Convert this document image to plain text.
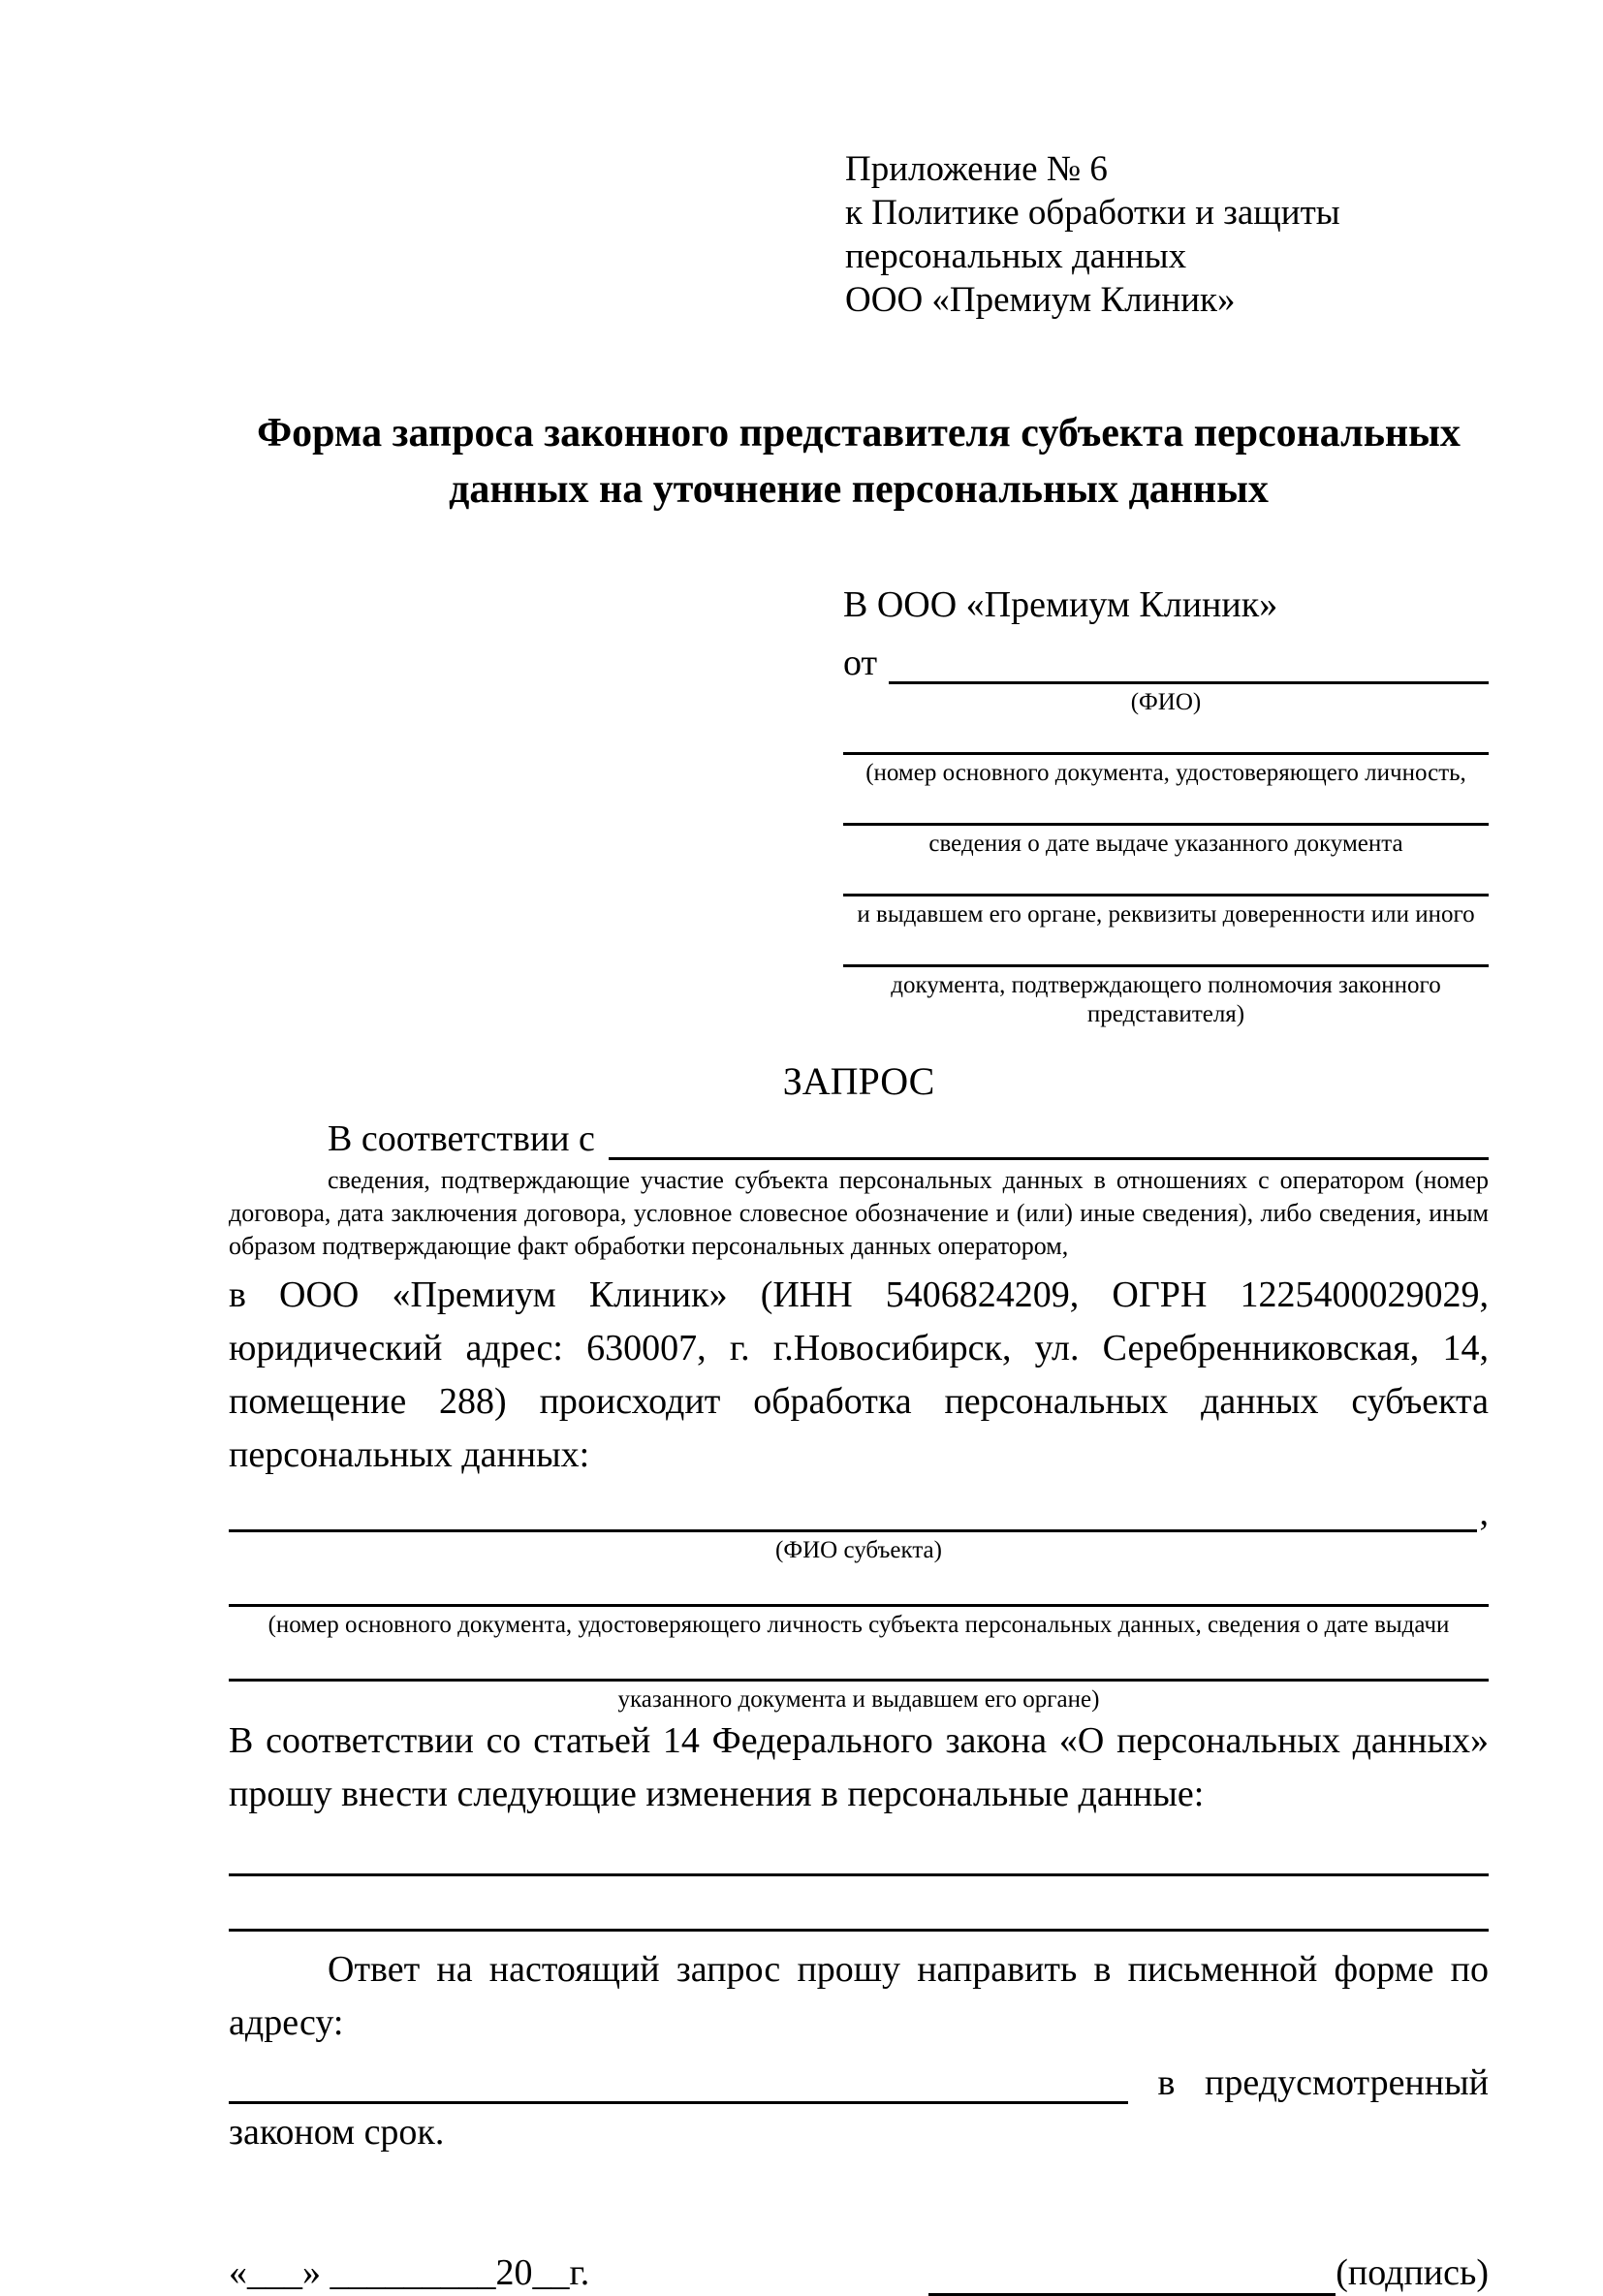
Приложение № 6
к Политике обработки и защиты
персональных данных
ООО «Премиум Клиник»
Форма запроса законного представителя субъекта персональных данных на уточнение персональных данных
В ООО «Премиум Клиник»
от
(ФИО)
(номер основного документа, удостоверяющего личность,
сведения о дате выдаче указанного документа
и выдавшем его органе, реквизиты доверенности или иного
документа, подтверждающего полномочия законного представителя)
ЗАПРОС
В соответствии с

сведения, подтверждающие участие субъекта персональных данных в отношениях с оператором (номер договора, дата заключения договора, условное словесное обозначение и (или) иные сведения), либо сведения, иным образом подтверждающие факт обработки персональных данных оператором,

в ООО «Премиум Клиник» (ИНН 5406824209, ОГРН 1225400029029, юридический адрес: 630007, г. г.Новосибирск, ул. Серебренниковская, 14, помещение 288) происходит обработка персональных данных субъекта персональных данных:

,
(ФИО субъекта)
(номер основного документа, удостоверяющего личность субъекта персональных данных, сведения о дате выдачи
указанного документа и выдавшем его органе)

В соответствии со статьей 14 Федерального закона «О персональных данных» прошу внести следующие изменения в персональные данные:

Ответ на настоящий запрос прошу направить в письменной форме по адресу:

в предусмотренный
законом срок.
«___» _________20__г.	(подпись)
